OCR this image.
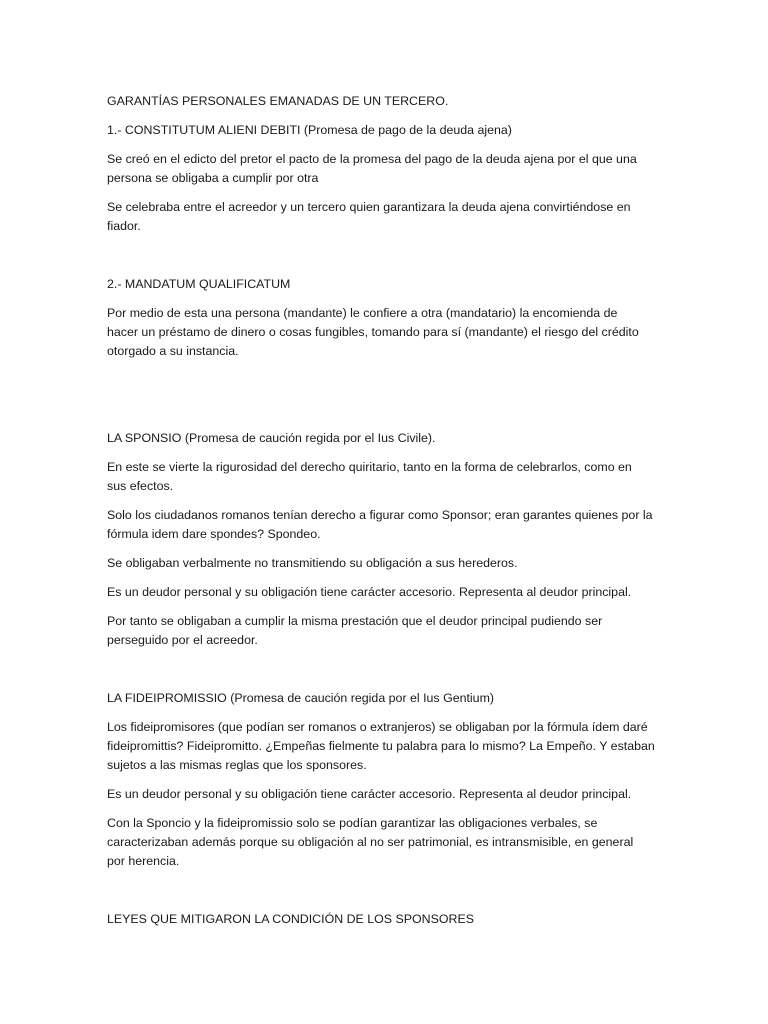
GARANTÍAS PERSONALES EMANADAS DE UN TERCERO.

1.- CONSTITUTUM ALIENI DEBITI (Promesa de pago de la deuda ajena)

Se creó en el edicto del pretor el pacto de la promesa del pago de la deuda ajena por el que una

persona se obligaba a cumplir por otra

Se celebraba entre el acreedor y un tercero quien garantizara la deuda ajena convirtiéndose en

fiador.

2.- MANDATUM QUALIFICATUM

Por medio de esta una persona (mandante) le confiere a otra (mandatario) la encomienda de

hacer un préstamo de dinero o cosas fungibles, tomando para sí (mandante) el riesgo del crédito

otorgado a su instancia.

LA SPONSIO (Promesa de caución regida por el Ius Civile).

En este se vierte la rigurosidad del derecho quiritario, tanto en la forma de celebrarlos, como en

sus efectos.

Solo los ciudadanos romanos tenían derecho a figurar como Sponsor; eran garantes quienes por la

fórmula idem dare spondes? Spondeo.

Se obligaban verbalmente no transmitiendo su obligación a sus herederos.

Es un deudor personal y su obligación tiene carácter accesorio. Representa al deudor principal.

Por tanto se obligaban a cumplir la misma prestación que el deudor principal pudiendo ser

perseguido por el acreedor.

LA FIDEIPROMISSIO (Promesa de caución regida por el Ius Gentium)

Los fideipromisores (que podían ser romanos o extranjeros) se obligaban por la fórmula ídem daré

fideipromittis? Fideipromitto. ¿Empeñas fielmente tu palabra para lo mismo? La Empeño. Y estaban

sujetos a las mismas reglas que los sponsores.

Es un deudor personal y su obligación tiene carácter accesorio. Representa al deudor principal.

Con la Sponcio y la fideipromissio solo se podían garantizar las obligaciones verbales, se

caracterizaban además porque su obligación al no ser patrimonial, es intransmisible, en general

por herencia.

LEYES QUE MITIGARON LA CONDICIÓN DE LOS SPONSORES
